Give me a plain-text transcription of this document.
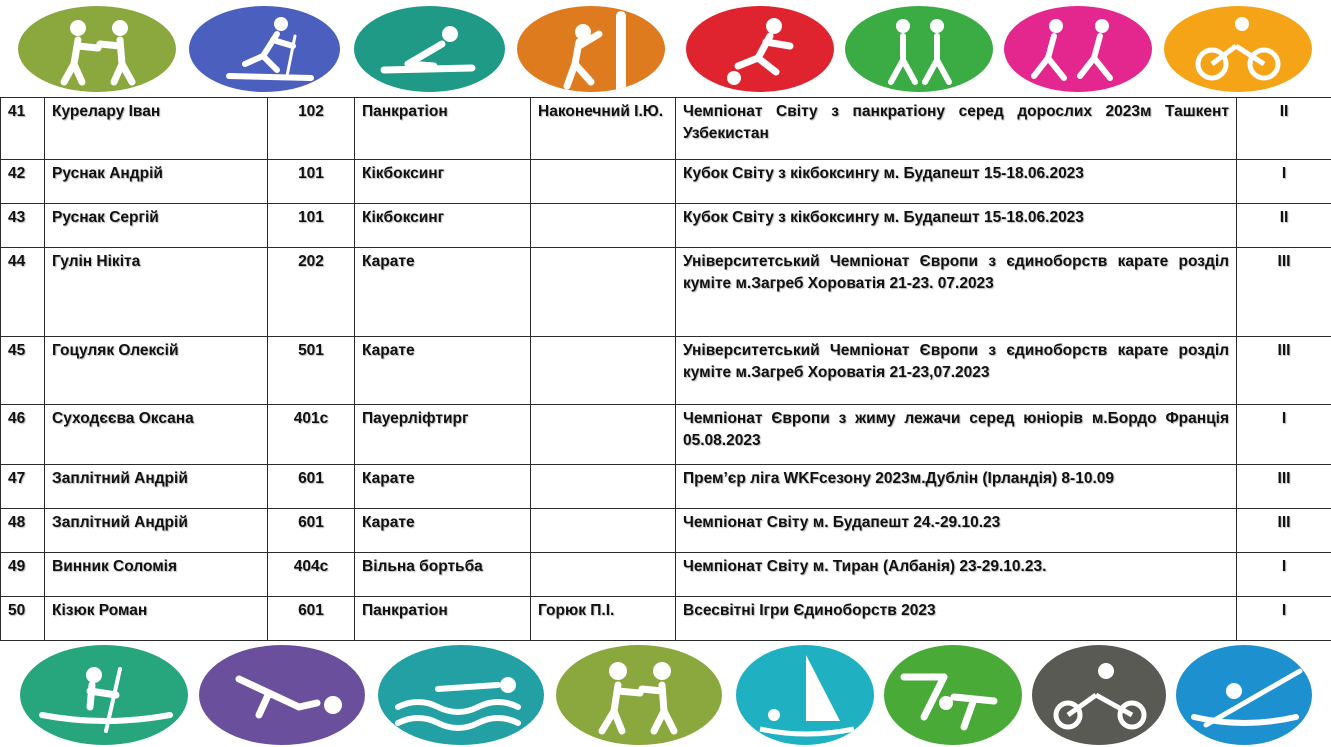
41	Курелару Іван	102	Панкратіон	Наконечний І.Ю.	Чемпіонат Світу з панкратіону серед дорослих 2023м Ташкент Узбекистан	ІІ
42	Руснак Андрій	101	Кікбоксинг		Кубок Світу з кікбоксингу м. Будапешт 15-18.06.2023	І
43	Руснак Сергій	101	Кікбоксинг		Кубок Світу з кікбоксингу м. Будапешт 15-18.06.2023	ІІ
44	Гулін Нікіта	202	Карате		Університетський Чемпіонат Європи з єдиноборств карате розділ куміте м.Загреб Хороватія 21-23. 07.2023	ІІІ
45	Гоцуляк Олексій	501	Карате		Університетський Чемпіонат Європи з єдиноборств карате розділ куміте м.Загреб Хороватія 21-23,07.2023	ІІІ
46	Суходєєва Оксана	401с	Пауерліфтирг		Чемпіонат Європи з жиму лежачи серед юніорів м.Бордо Франція 05.08.2023	І
47	Заплітний Андрій	601	Карате		Прем’єр ліга WKFсезону 2023м.Дублін (Ірландія) 8-10.09	ІІІ
48	Заплітний Андрій	601	Карате		Чемпіонат Світу м. Будапешт 24.-29.10.23	ІІІ
49	Винник Соломія	404с	Вільна бортьба		Чемпіонат Світу м. Тиран (Албанія) 23-29.10.23.	І
50	Кізюк Роман	601	Панкратіон	Горюк П.І.	Всесвітні Ігри Єдиноборств 2023	І
